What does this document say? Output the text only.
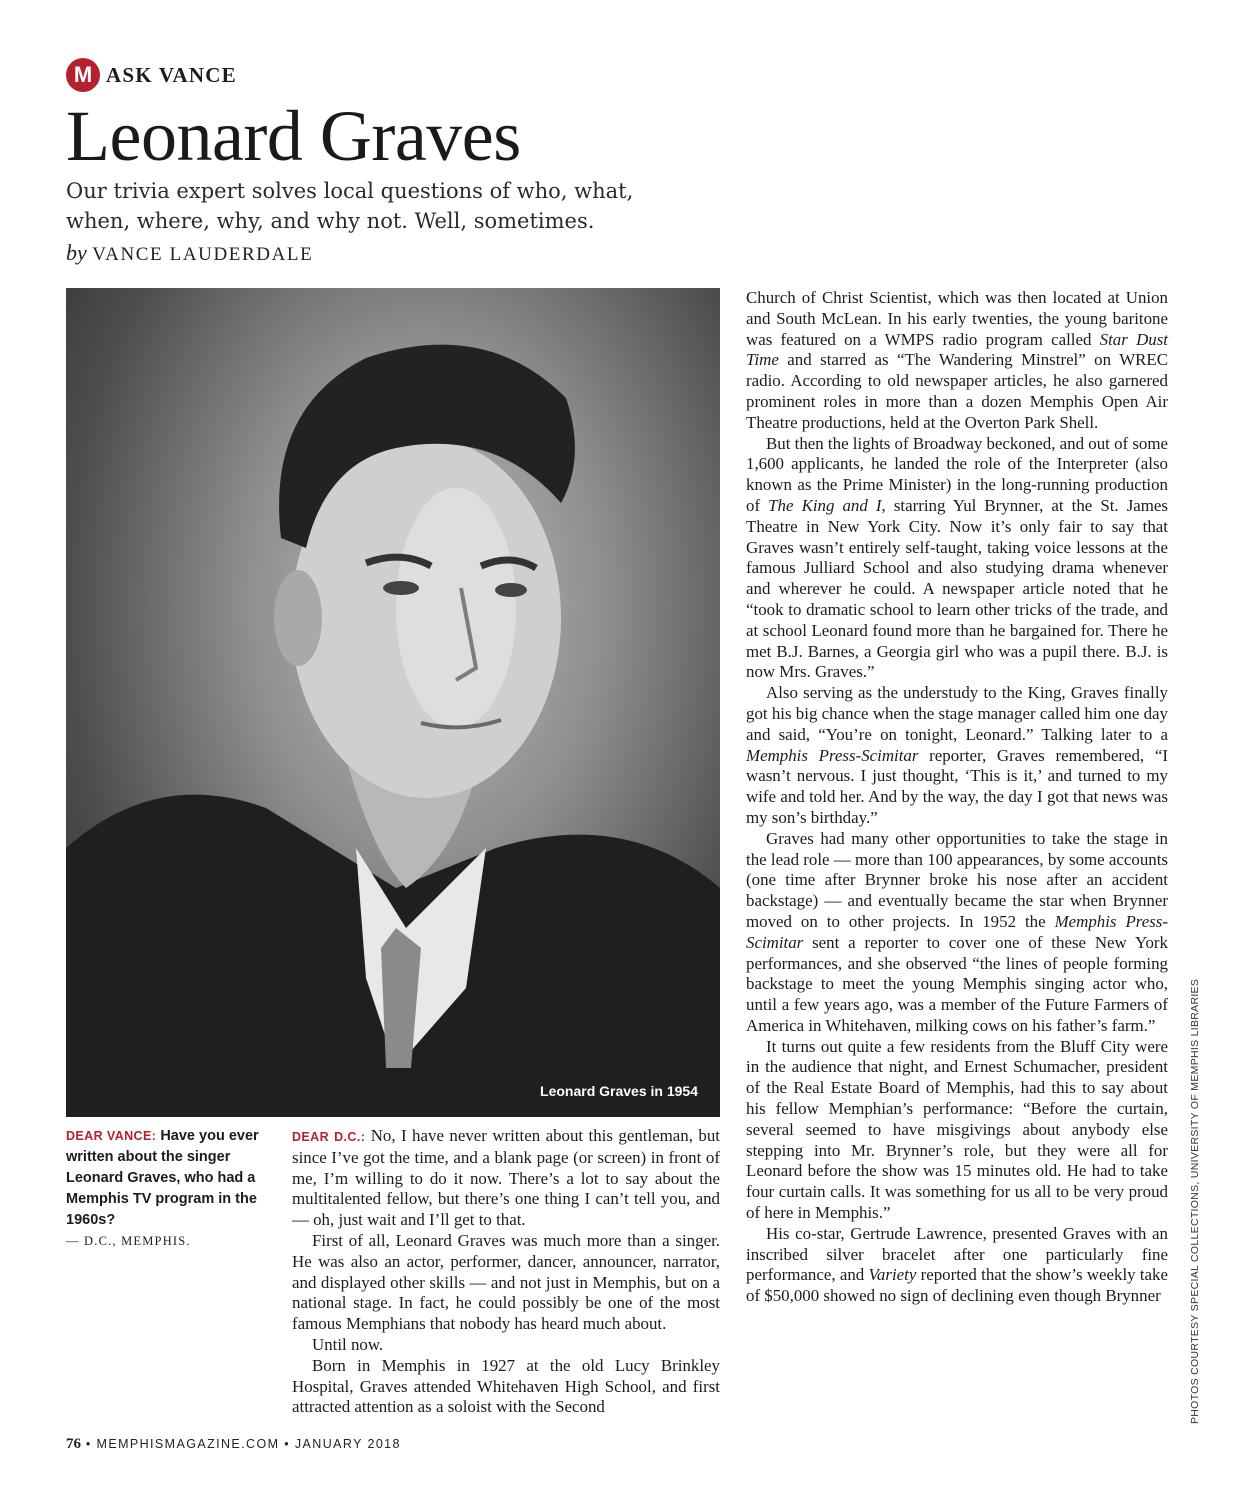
M ASK VANCE
Leonard Graves

Our trivia expert solves local questions of who, what, when, where, why, and why not. Well, sometimes.

by VANCE LAUDERDALE
Leonard Graves in 1954
DEAR VANCE: Have you ever written about the singer Leonard Graves, who had a Memphis TV program in the 1960s?
— D.C., MEMPHIS.

DEAR D.C.: No, I have never written about this gentleman, but since I’ve got the time, and a blank page (or screen) in front of me, I’m willing to do it now. There’s a lot to say about the multitalented fellow, but there’s one thing I can’t tell you, and — oh, just wait and I’ll get to that.

First of all, Leonard Graves was much more than a singer. He was also an actor, performer, dancer, announcer, narrator, and displayed other skills — and not just in Memphis, but on a national stage. In fact, he could possibly be one of the most famous Memphians that nobody has heard much about.

Until now.

Born in Memphis in 1927 at the old Lucy Brinkley Hospital, Graves attended Whitehaven High School, and first attracted attention as a soloist with the Second

Church of Christ Scientist, which was then located at Union and South McLean. In his early twenties, the young baritone was featured on a WMPS radio program called Star Dust Time and starred as “The Wandering Minstrel” on WREC radio. According to old newspaper articles, he also garnered prominent roles in more than a dozen Memphis Open Air Theatre productions, held at the Overton Park Shell.

But then the lights of Broadway beckoned, and out of some 1,600 applicants, he landed the role of the Interpreter (also known as the Prime Minister) in the long-running production of The King and I, starring Yul Brynner, at the St. James Theatre in New York City. Now it’s only fair to say that Graves wasn’t entirely self-taught, taking voice lessons at the famous Julliard School and also studying drama whenever and wherever he could. A newspaper article noted that he “took to dramatic school to learn other tricks of the trade, and at school Leonard found more than he bargained for. There he met B.J. Barnes, a Georgia girl who was a pupil there. B.J. is now Mrs. Graves.”

Also serving as the understudy to the King, Graves finally got his big chance when the stage manager called him one day and said, “You’re on tonight, Leonard.” Talking later to a Memphis Press-Scimitar reporter, Graves remembered, “I wasn’t nervous. I just thought, ‘This is it,’ and turned to my wife and told her. And by the way, the day I got that news was my son’s birthday.”

Graves had many other opportunities to take the stage in the lead role — more than 100 appearances, by some accounts (one time after Brynner broke his nose after an accident backstage) — and eventually became the star when Brynner moved on to other projects. In 1952 the Memphis Press-Scimitar sent a reporter to cover one of these New York performances, and she observed “the lines of people forming backstage to meet the young Memphis singing actor who, until a few years ago, was a member of the Future Farmers of America in Whitehaven, milking cows on his father’s farm.”

It turns out quite a few residents from the Bluff City were in the audience that night, and Ernest Schumacher, president of the Real Estate Board of Memphis, had this to say about his fellow Memphian’s performance: “Before the curtain, several seemed to have misgivings about anybody else stepping into Mr. Brynner’s role, but they were all for Leonard before the show was 15 minutes old. He had to take four curtain calls. It was something for us all to be very proud of here in Memphis.”

His co-star, Gertrude Lawrence, presented Graves with an inscribed silver bracelet after one particularly fine performance, and Variety reported that the show’s weekly take of $50,000 showed no sign of declining even though Brynner	PHOTOS COURTESY SPECIAL COLLECTIONS, UNIVERSITY OF MEMPHIS LIBRARIES
76 • MEMPHISMAGAZINE.COM • JANUARY 2018
